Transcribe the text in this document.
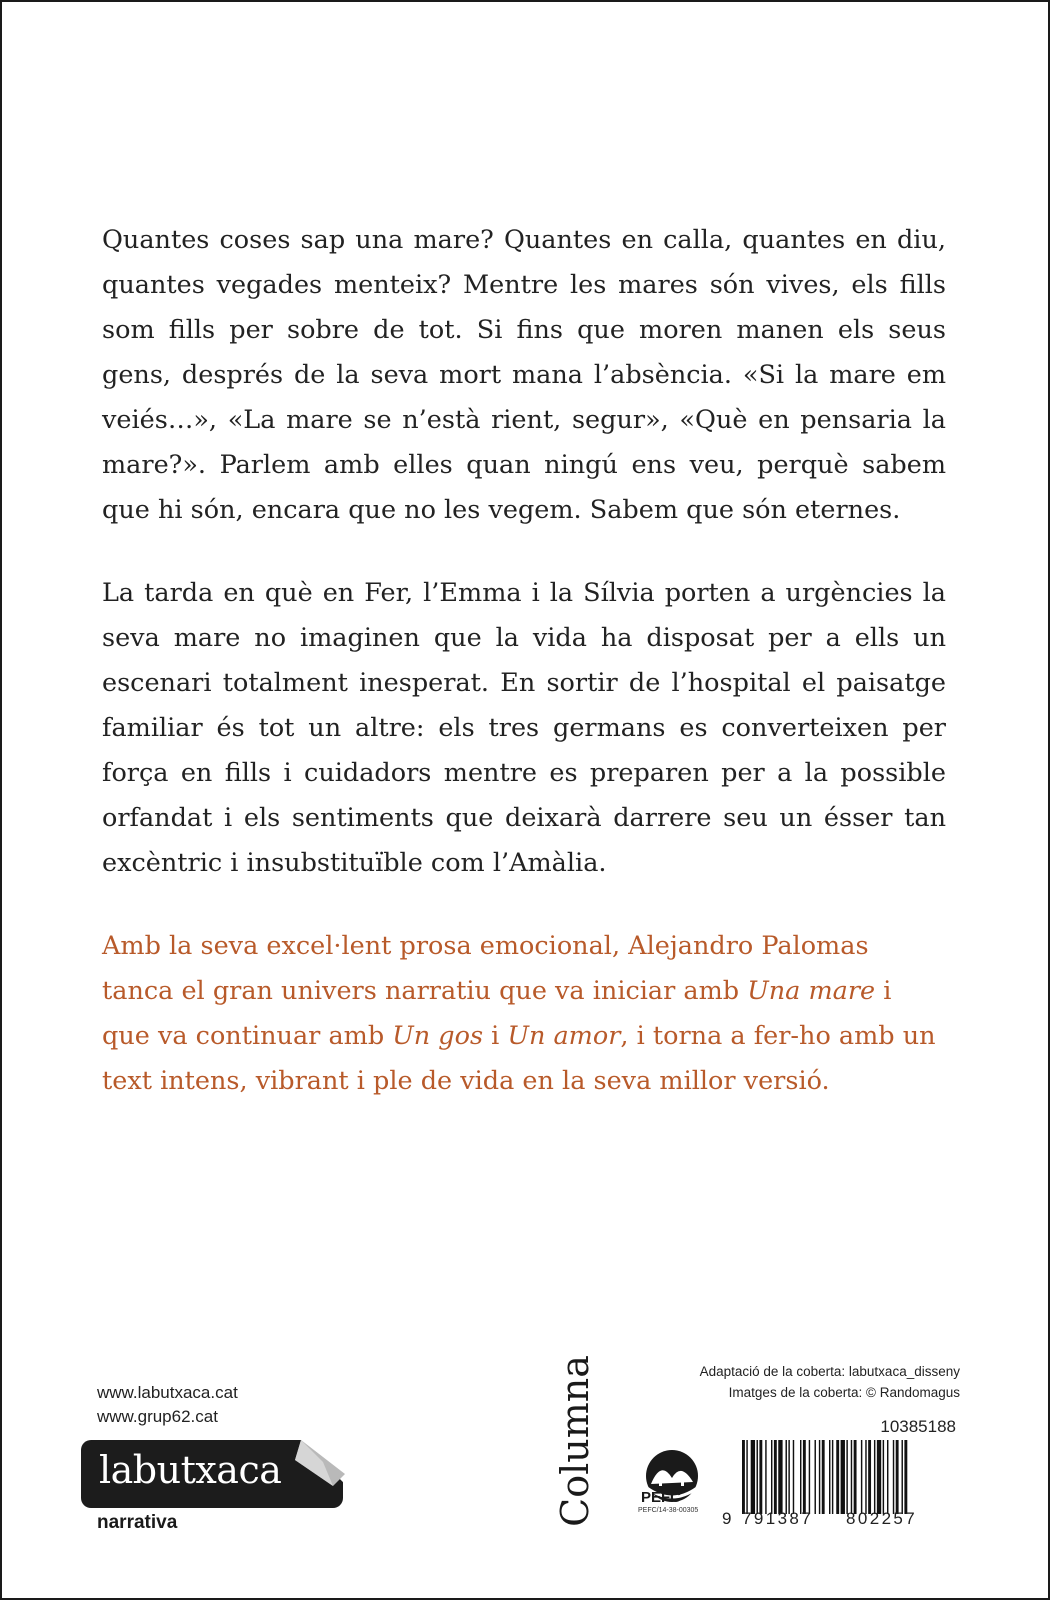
Quantes coses sap una mare? Quantes en calla, quantes en diu, quantes vegades menteix? Mentre les mares són vives, els fills som fills per sobre de tot. Si fins que moren manen els seus gens, després de la seva mort mana l’absència. «Si la mare em veiés…», «La mare se n’està rient, segur», «Què en pensaria la mare?». Parlem amb elles quan ningú ens veu, perquè sabem que hi són, encara que no les vegem. Sabem que són eternes.

La tarda en què en Fer, l’Emma i la Sílvia porten a urgències la seva mare no imaginen que la vida ha disposat per a ells un escenari totalment inesperat. En sortir de l’hospital el paisatge familiar és tot un altre: els tres germans es converteixen per força en fills i cuidadors mentre es preparen per a la possible orfandat i els sentiments que deixarà darrere seu un ésser tan excèntric i insubstituïble com l’Amàlia.

Amb la seva excel·lent prosa emocional, Alejandro Palomas tanca el gran univers narratiu que va iniciar amb Una mare i que va continuar amb Un gos i Un amor, i torna a fer-ho amb un text intens, vibrant i ple de vida en la seva millor versió.

www.labutxaca.cat
www.grup62.cat
labutxaca
narrativa	Columna	PEFC
PEFC/14-38-00305
Adaptació de la coberta: labutxaca_disseny
Imatges de la coberta: © Randomagus
10385188
9 791387	802257
